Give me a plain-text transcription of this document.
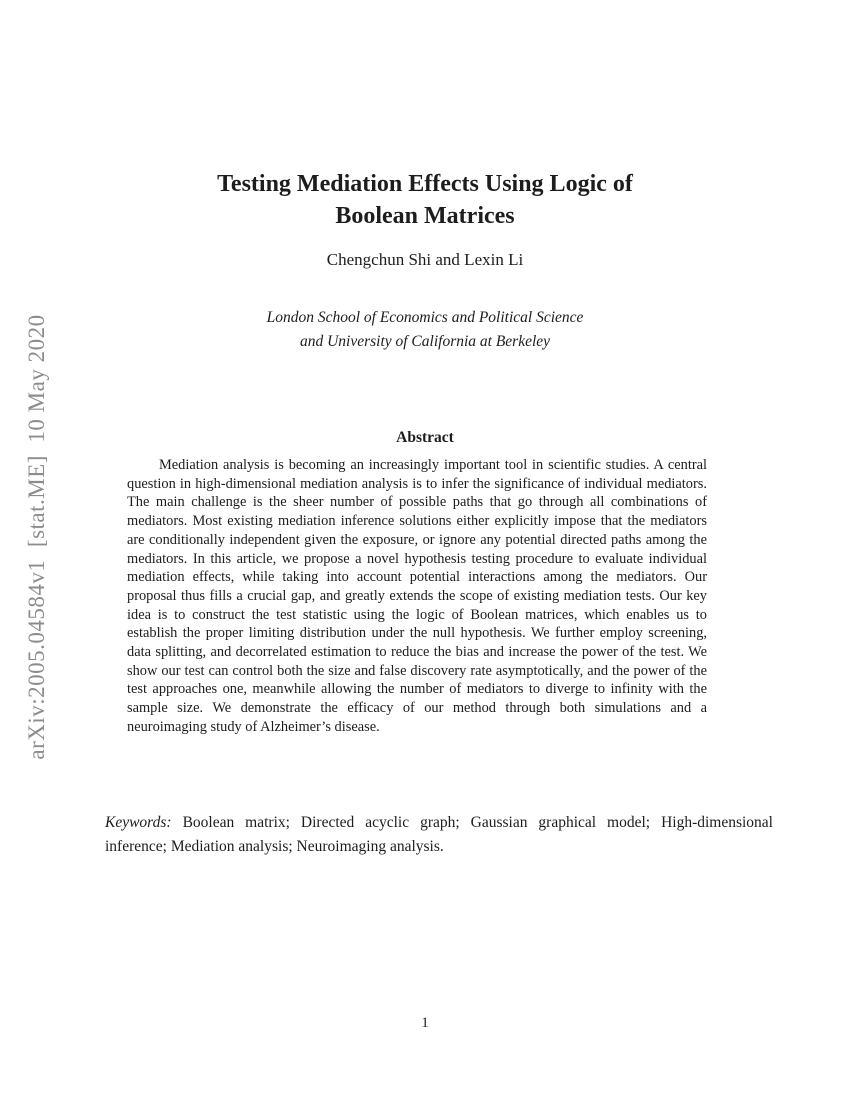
arXiv:2005.04584v1  [stat.ME]  10 May 2020
Testing Mediation Effects Using Logic of
Boolean Matrices
Chengchun Shi and Lexin Li
London School of Economics and Political Science
and University of California at Berkeley
Abstract
Mediation analysis is becoming an increasingly important tool in scientific studies. A central question in high-dimensional mediation analysis is to infer the significance of individual mediators. The main challenge is the sheer number of possible paths that go through all combinations of mediators. Most existing mediation inference solutions either explicitly impose that the mediators are conditionally independent given the exposure, or ignore any potential directed paths among the mediators. In this article, we propose a novel hypothesis testing procedure to evaluate individual mediation effects, while taking into account potential interactions among the mediators. Our proposal thus fills a crucial gap, and greatly extends the scope of existing mediation tests. Our key idea is to construct the test statistic using the logic of Boolean matrices, which enables us to establish the proper limiting distribution under the null hypothesis. We further employ screening, data splitting, and decorrelated estimation to reduce the bias and increase the power of the test. We show our test can control both the size and false discovery rate asymptotically, and the power of the test approaches one, meanwhile allowing the number of mediators to diverge to infinity with the sample size. We demonstrate the efficacy of our method through both simulations and a neuroimaging study of Alzheimer’s disease.
Keywords: Boolean matrix; Directed acyclic graph; Gaussian graphical model; High-dimensional inference; Mediation analysis; Neuroimaging analysis.
1
